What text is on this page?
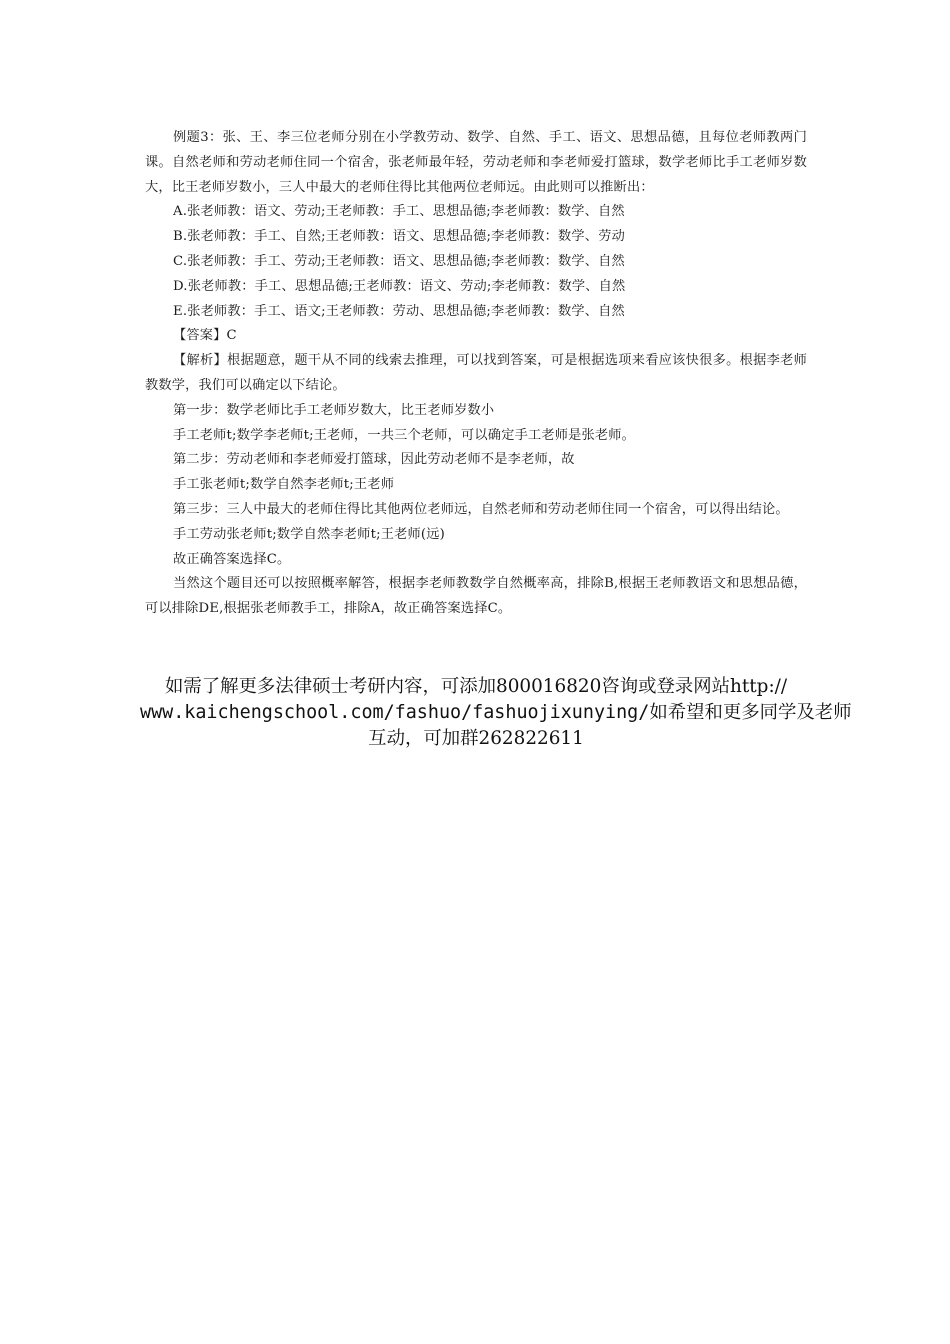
例题3：张、王、李三位老师分别在小学教劳动、数学、自然、手工、语文、思想品德，且每位老师教两门课。自然老师和劳动老师住同一个宿舍，张老师最年轻，劳动老师和李老师爱打篮球，数学老师比手工老师岁数大，比王老师岁数小，三人中最大的老师住得比其他两位老师远。由此则可以推断出：

A.张老师教：语文、劳动;王老师教：手工、思想品德;李老师教：数学、自然

B.张老师教：手工、自然;王老师教：语文、思想品德;李老师教：数学、劳动

C.张老师教：手工、劳动;王老师教：语文、思想品德;李老师教：数学、自然

D.张老师教：手工、思想品德;王老师教：语文、劳动;李老师教：数学、自然

E.张老师教：手工、语文;王老师教：劳动、思想品德;李老师教：数学、自然

【答案】C

【解析】根据题意，题干从不同的线索去推理，可以找到答案，可是根据选项来看应该快很多。根据李老师教数学，我们可以确定以下结论。

第一步：数学老师比手工老师岁数大，比王老师岁数小

手工老师t;数学李老师t;王老师，一共三个老师，可以确定手工老师是张老师。

第二步：劳动老师和李老师爱打篮球，因此劳动老师不是李老师，故

手工张老师t;数学自然李老师t;王老师

第三步：三人中最大的老师住得比其他两位老师远，自然老师和劳动老师住同一个宿舍，可以得出结论。

手工劳动张老师t;数学自然李老师t;王老师(远)

故正确答案选择C。

当然这个题目还可以按照概率解答，根据李老师教数学自然概率高，排除B,根据王老师教语文和思想品德，可以排除DE,根据张老师教手工，排除A，故正确答案选择C。

如需了解更多法律硕士考研内容，可添加800016820咨询或登录网站http://
www.kaichengschool.com/fashuo/fashuojixunying/如希望和更多同学及老师
互动，可加群262822611
